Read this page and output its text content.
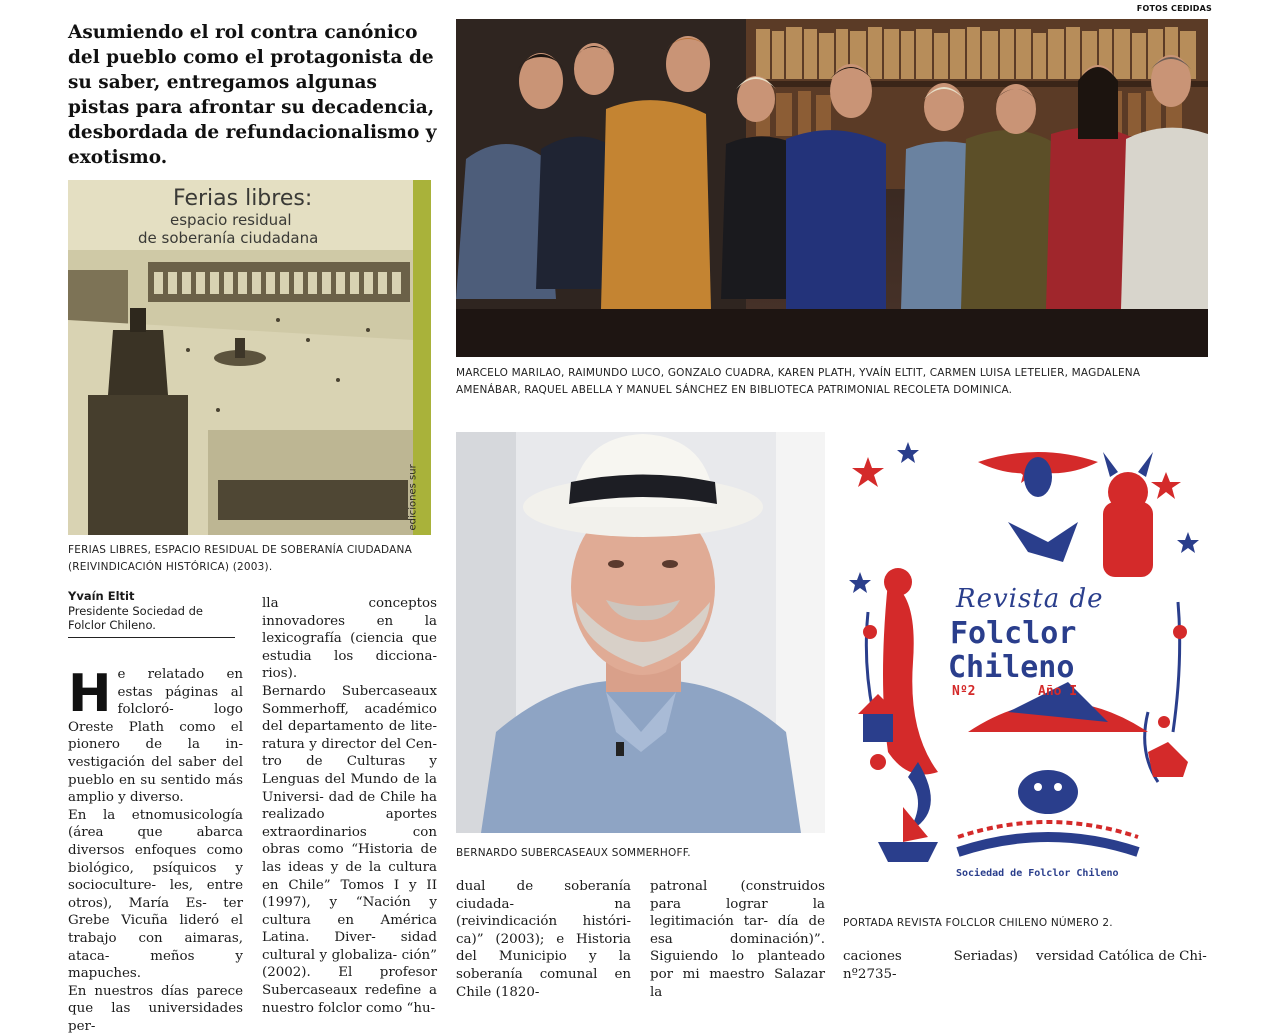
FOTOS CEDIDAS

Asumiendo el rol contra canónico del pueblo como el protagonista de su saber, entregamos algunas pistas para afrontar su decadencia, desbordada de refundacionalismo y exotismo.

Ferias libres:
espacio residual
de soberanía ciudadana
ediciones sur

FERIAS LIBRES, ESPACIO RESIDUAL DE SOBERANÍA CIUDADANA (REIVINDICACIÓN HISTÓRICA) (2003).

MARCELO MARILAO, RAIMUNDO LUCO, GONZALO CUADRA, KAREN PLATH, YVAÍN ELTIT, CARMEN LUISA LETELIER, MAGDALENA AMENÁBAR, RAQUEL ABELLA Y MANUEL SÁNCHEZ EN BIBLIOTECA PATRIMONIAL RECOLETA DOMINICA.

BERNARDO SUBERCASEAUX SOMMERHOFF.

Revista de
Folclor
Chileno
Nº2	Año I
Sociedad de Folclor Chileno

PORTADA REVISTA FOLCLOR CHILENO NÚMERO 2.

Yvaín Eltit
Presidente Sociedad de Folclor Chileno.

H e relatado en estas páginas al folcloró- logo Oreste Plath como el pionero de la in- vestigación del saber del pueblo en su sentido más amplio y diverso.

En la etnomusicología (área que abarca diversos enfoques como biológico, psíquicos y socioculture- les, entre otros), María Es- ter Grebe Vicuña lideró el trabajo con aimaras, ataca- meños y mapuches.

En nuestros días parece que las universidades per-

lla conceptos innovadores en la lexicografía (ciencia que estudia los dicciona- rios).

Bernardo Subercaseaux Sommerhoff, académico del departamento de lite- ratura y director del Cen- tro de Culturas y Lenguas del Mundo de la Universi- dad de Chile ha realizado aportes extraordinarios con obras como “Historia de las ideas y de la cultura en Chile” Tomos I y II (1997), y “Nación y cultura en América Latina. Diver- sidad cultural y globaliza- ción” (2002). El profesor Subercaseaux redefine a nuestro folclor como “hu-

dual de soberanía ciudada- na (reivindicación históri- ca)” (2003); e Historia del Municipio y la soberanía comunal en Chile (1820-

patronal (construidos para lograr la legitimación tar- día de esa dominación)”. Siguiendo lo planteado por mi maestro Salazar la

caciones Seriadas) nº2735-

versidad Católica de Chi-
